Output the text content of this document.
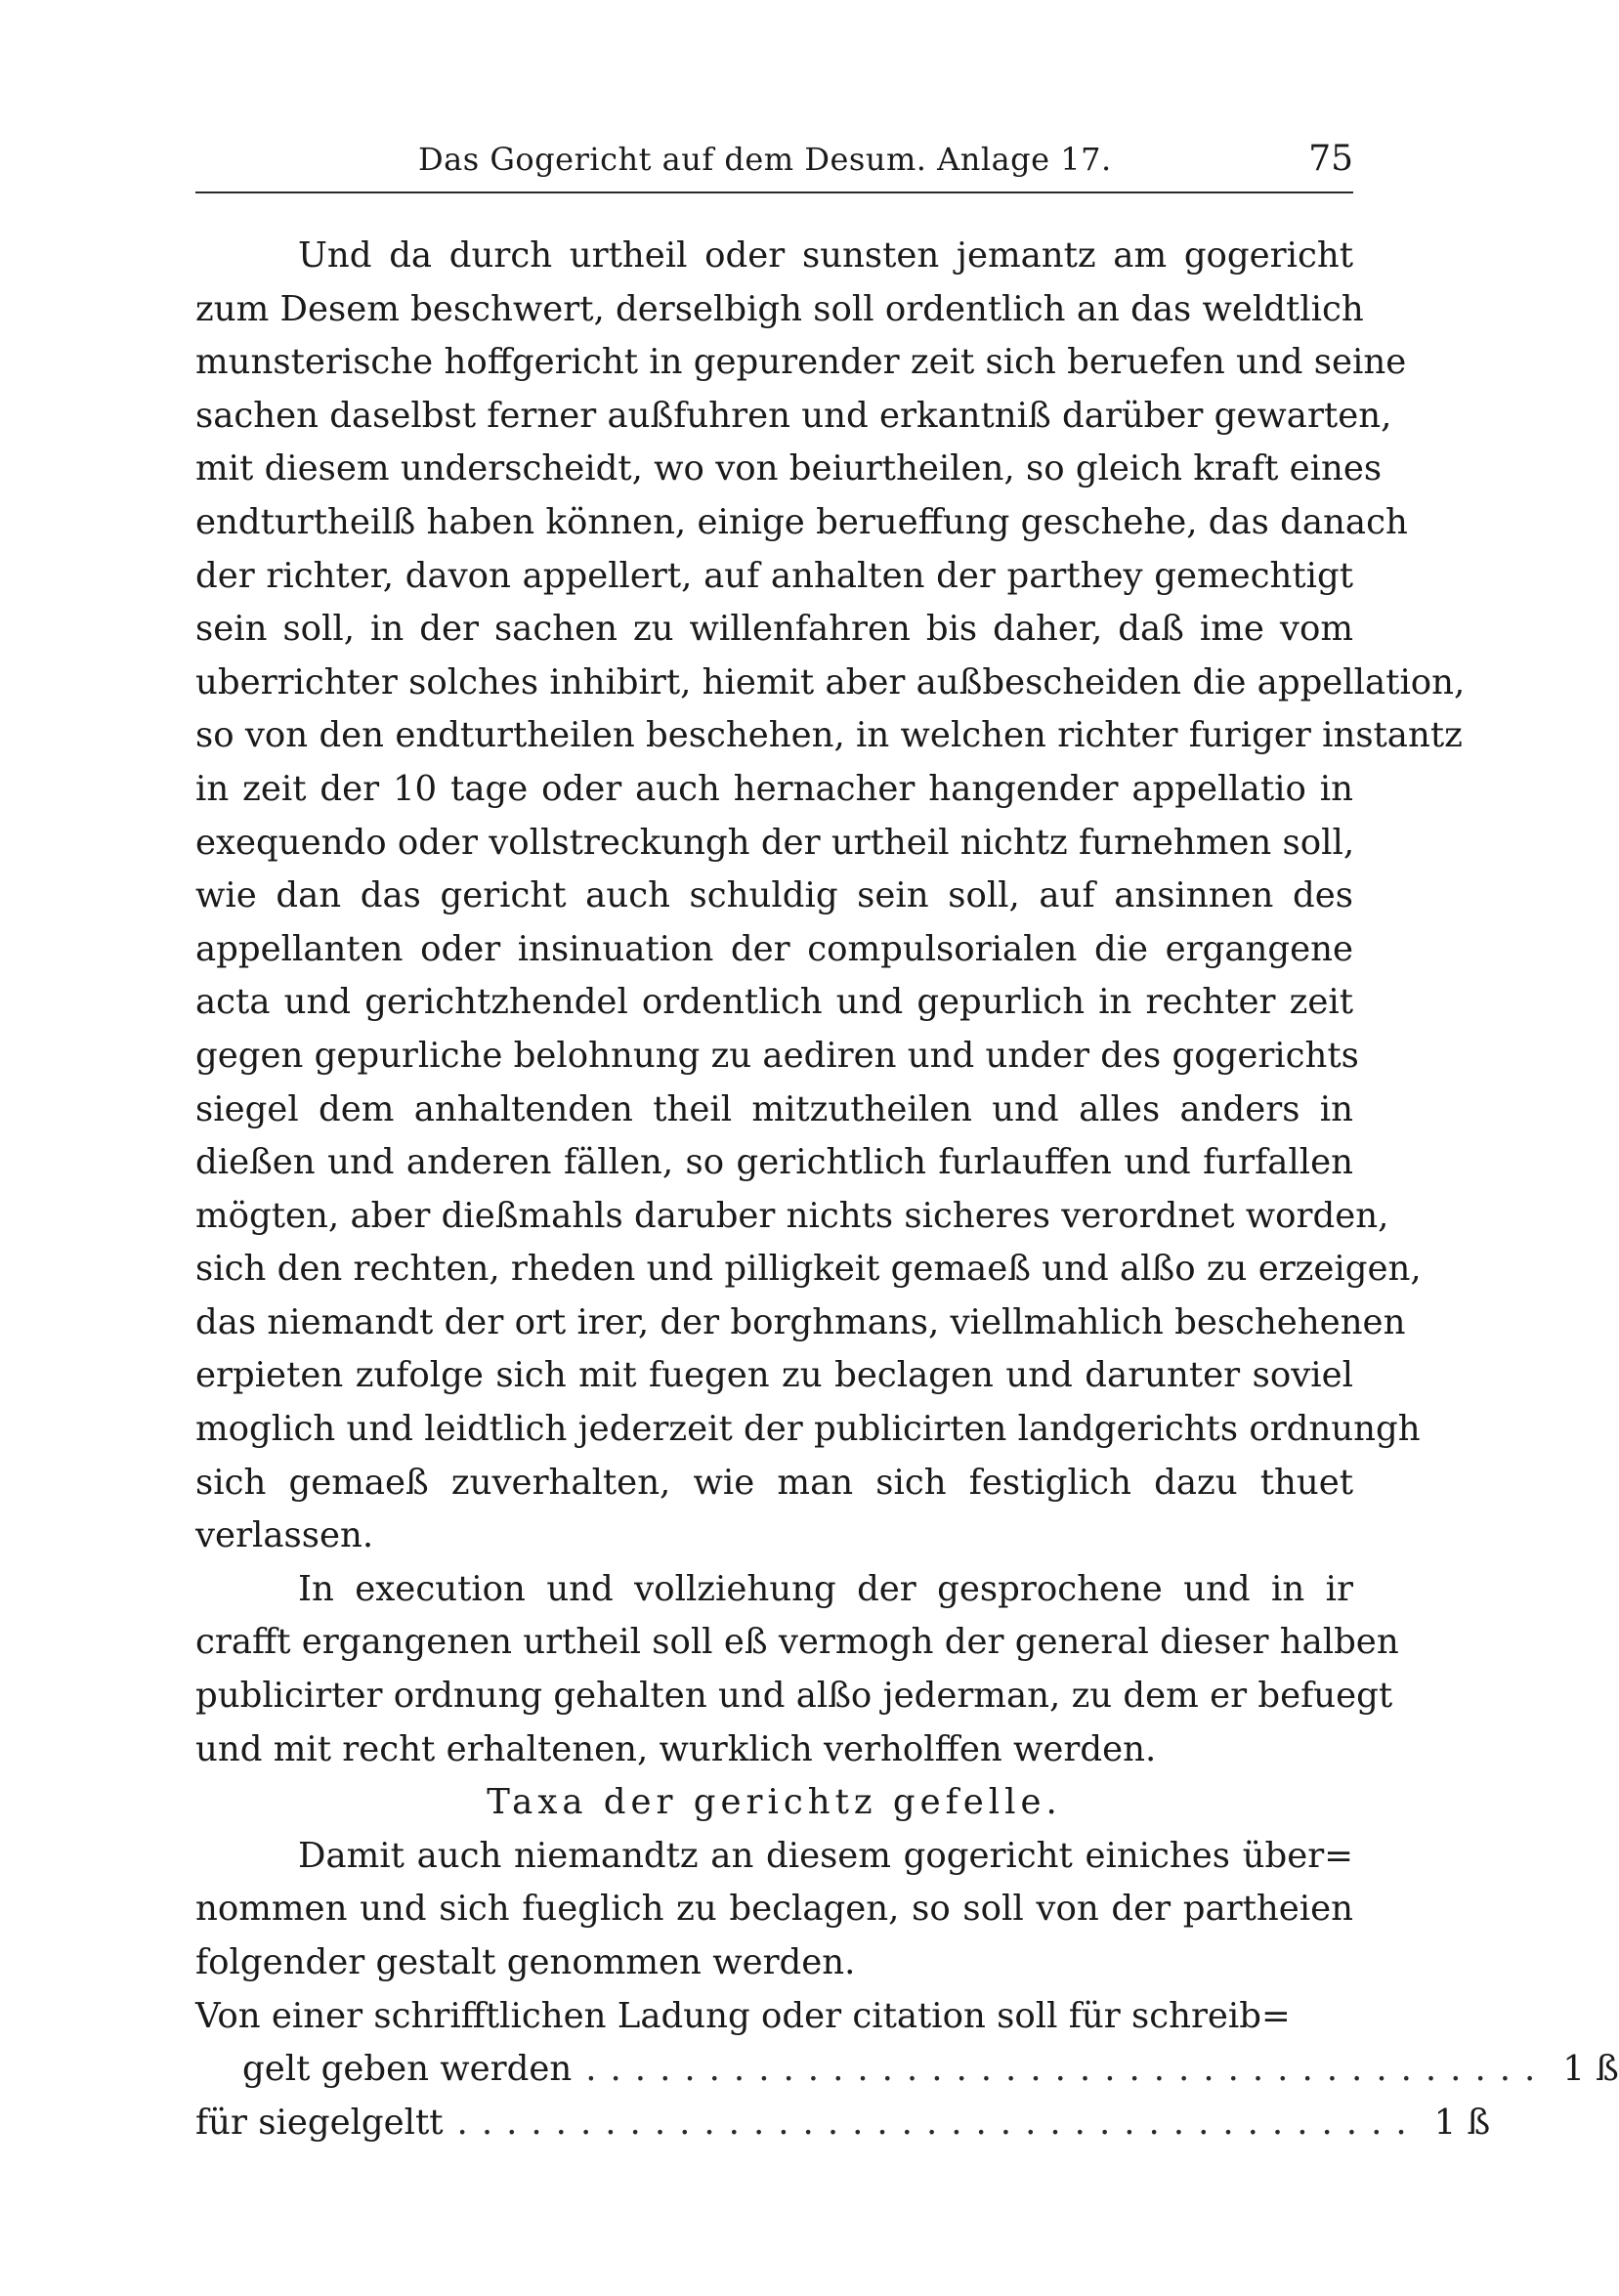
Das Gogericht auf dem Desum. Anlage 17.	75
Und da durch urtheil oder sunsten jemantz am gogericht
zum Desem beschwert, derselbigh soll ordentlich an das weldtlich
munsterische hoffgericht in gepurender zeit sich beruefen und seine
sachen daselbst ferner außfuhren und erkantniß darüber gewarten,
mit diesem underscheidt, wo von beiurtheilen, so gleich kraft eines
endturtheilß haben können, einige berueffung geschehe, das danach
der richter, davon appellert, auf anhalten der parthey gemechtigt
sein soll, in der sachen zu willenfahren bis daher, daß ime vom
uberrichter solches inhibirt, hiemit aber außbescheiden die appellation,
so von den endturtheilen beschehen, in welchen richter furiger instantz
in zeit der 10 tage oder auch hernacher hangender appellatio in
exequendo oder vollstreckungh der urtheil nichtz furnehmen soll,
wie dan das gericht auch schuldig sein soll, auf ansinnen des
appellanten oder insinuation der compulsorialen die ergangene
acta und gerichtzhendel ordentlich und gepurlich in rechter zeit
gegen gepurliche belohnung zu aediren und under des gogerichts
siegel dem anhaltenden theil mitzutheilen und alles anders in
dießen und anderen fällen, so gerichtlich furlauffen und furfallen
mögten, aber dießmahls daruber nichts sicheres verordnet worden,
sich den rechten, rheden und pilligkeit gemaeß und alßo zu erzeigen,
das niemandt der ort irer, der borghmans, viellmahlich beschehenen
erpieten zufolge sich mit fuegen zu beclagen und darunter soviel
moglich und leidtlich jederzeit der publicirten landgerichts ordnungh
sich gemaeß zuverhalten, wie man sich festiglich dazu thuet
verlassen.
In execution und vollziehung der gesprochene und in ir
crafft ergangenen urtheil soll eß vermogh der general dieser halben
publicirter ordnung gehalten und alßo jederman, zu dem er befuegt
und mit recht erhaltenen, wurklich verholffen werden.
Taxa der gerichtz gefelle.
Damit auch niemandtz an diesem gogericht einiches über=
nommen und sich fueglich zu beclagen, so soll von der partheien
folgender gestalt genommen werden.
Von einer schrifftlichen Ladung oder citation soll für schreib=
gelt geben werden ....................................... 1 ß
für siegelgeltt ....................................... 1 ß
